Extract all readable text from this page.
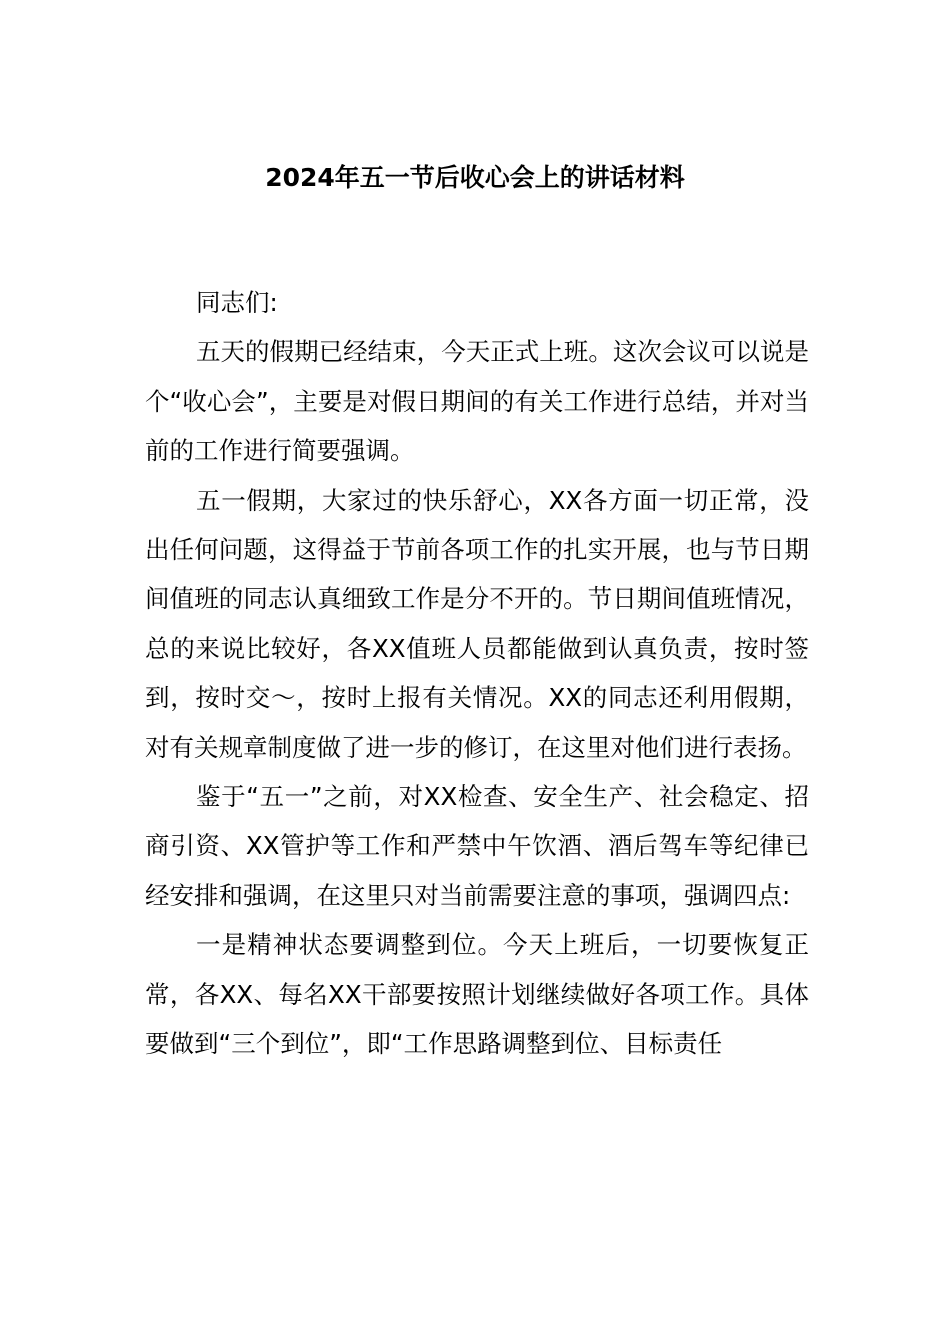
2024年五一节后收心会上的讲话材料

同志们:

五天的假期已经结束，今天正式上班。这次会议可以说是个“收心会”，主要是对假日期间的有关工作进行总结，并对当前的工作进行简要强调。

五一假期，大家过的快乐舒心，XX各方面一切正常，没出任何问题，这得益于节前各项工作的扎实开展，也与节日期间值班的同志认真细致工作是分不开的。节日期间值班情况，总的来说比较好，各XX值班人员都能做到认真负责，按时签到，按时交～，按时上报有关情况。XX的同志还利用假期，对有关规章制度做了进一步的修订，在这里对他们进行表扬。

鉴于“五一”之前，对XX检查、安全生产、社会稳定、招商引资、XX管护等工作和严禁中午饮酒、酒后驾车等纪律已经安排和强调，在这里只对当前需要注意的事项，强调四点:

一是精神状态要调整到位。今天上班后，一切要恢复正常，各XX、每名XX干部要按照计划继续做好各项工作。具体要做到“三个到位”，即“工作思路调整到位、目标责任
